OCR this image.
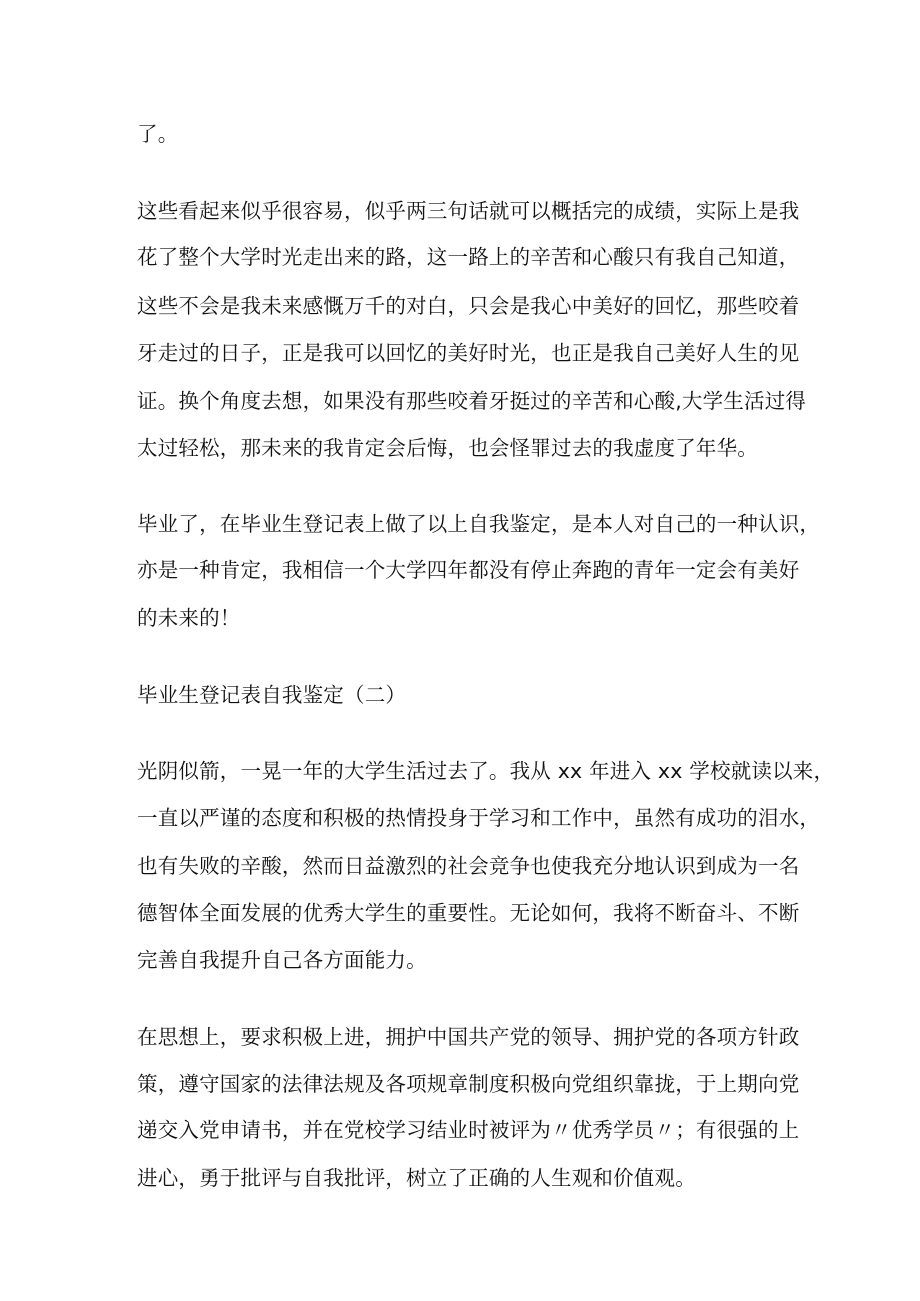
了。
这些看起来似乎很容易，似乎两三句话就可以概括完的成绩，实际上是我
花了整个大学时光走出来的路，这一路上的辛苦和心酸只有我自己知道，
这些不会是我未来感慨万千的对白，只会是我心中美好的回忆，那些咬着
牙走过的日子，正是我可以回忆的美好时光，也正是我自己美好人生的见
证。换个角度去想，如果没有那些咬着牙挺过的辛苦和心酸,大学生活过得
太过轻松，那未来的我肯定会后悔，也会怪罪过去的我虚度了年华。
毕业了，在毕业生登记表上做了以上自我鉴定，是本人对自己的一种认识，
亦是一种肯定，我相信一个大学四年都没有停止奔跑的青年一定会有美好
的未来的！
毕业生登记表自我鉴定（二）
光阴似箭，一晃一年的大学生活过去了。我从 xx 年进入 xx 学校就读以来，
一直以严谨的态度和积极的热情投身于学习和工作中，虽然有成功的泪水，
也有失败的辛酸，然而日益激烈的社会竞争也使我充分地认识到成为一名
德智体全面发展的优秀大学生的重要性。无论如何，我将不断奋斗、不断
完善自我提升自己各方面能力。
在思想上，要求积极上进，拥护中国共产党的领导、拥护党的各项方针政
策，遵守国家的法律法规及各项规章制度积极向党组织靠拢，于上期向党
递交入党申请书，并在党校学习结业时被评为〃优秀学员〃；有很强的上
进心，勇于批评与自我批评，树立了正确的人生观和价值观。
